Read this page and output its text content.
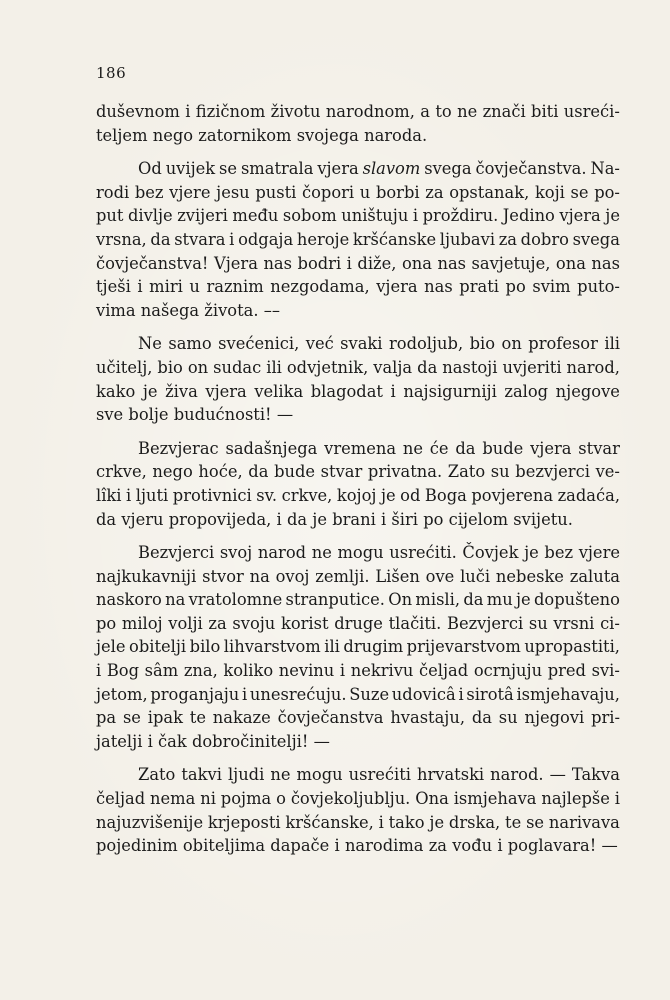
186
duševnom i fizičnom životu narodnom, a to ne znači biti usreći-
teljem nego zatornikom svojega naroda.
Od uvijek se smatrala vjera slavom svega čovječanstva. Na-
rodi bez vjere jesu pusti čopori u borbi za opstanak, koji se po-
put divlje zvijeri među sobom uništuju i proždiru. Jedino vjera je
vrsna, da stvara i odgaja heroje kršćanske ljubavi za dobro svega
čovječanstva! Vjera nas bodri i diže, ona nas savjetuje, ona nas
tješi i miri u raznim nezgodama, vjera nas prati po svim puto-
vima našega života. ––
Ne samo svećenici, već svaki rodoljub, bio on profesor ili
učitelj, bio on sudac ili odvjetnik, valja da nastoji uvjeriti narod,
kako je živa vjera velika blagodat i najsigurniji zalog njegove
sve bolje budućnosti! —
Bezvjerac sadašnjega vremena ne će da bude vjera stvar
crkve, nego hoće, da bude stvar privatna. Zato su bezvjerci ve-
lîki i ljuti protivnici sv. crkve, kojoj je od Boga povjerena zadaća,
da vjeru propovijeda, i da je brani i širi po cijelom svijetu.
Bezvjerci svoj narod ne mogu usrećiti. Čovjek je bez vjere
najkukavniji stvor na ovoj zemlji. Lišen ove luči nebeske zaluta
naskoro na vratolomne stranputice. On misli, da mu je dopušteno
po miloj volji za svoju korist druge tlačiti. Bezvjerci su vrsni ci-
jele obitelji bilo lihvarstvom ili drugim prijevarstvom upropastiti,
i Bog sâm zna, koliko nevinu i nekrivu čeljad ocrnjuju pred svi-
jetom, proganjaju i unesrećuju. Suze udovicâ i sirotâ ismjehavaju,
pa se ipak te nakaze čovječanstva hvastaju, da su njegovi pri-
jatelji i čak dobročinitelji! —
Zato takvi ljudi ne mogu usrećiti hrvatski narod. — Takva
čeljad nema ni pojma o čovjekoljublju. Ona ismjehava najlepše i
najuzvišenije krjeposti kršćanske, i tako je drska, te se narivava
pojedinim obiteljima dapače i narodima za vođu i poglavara! —
